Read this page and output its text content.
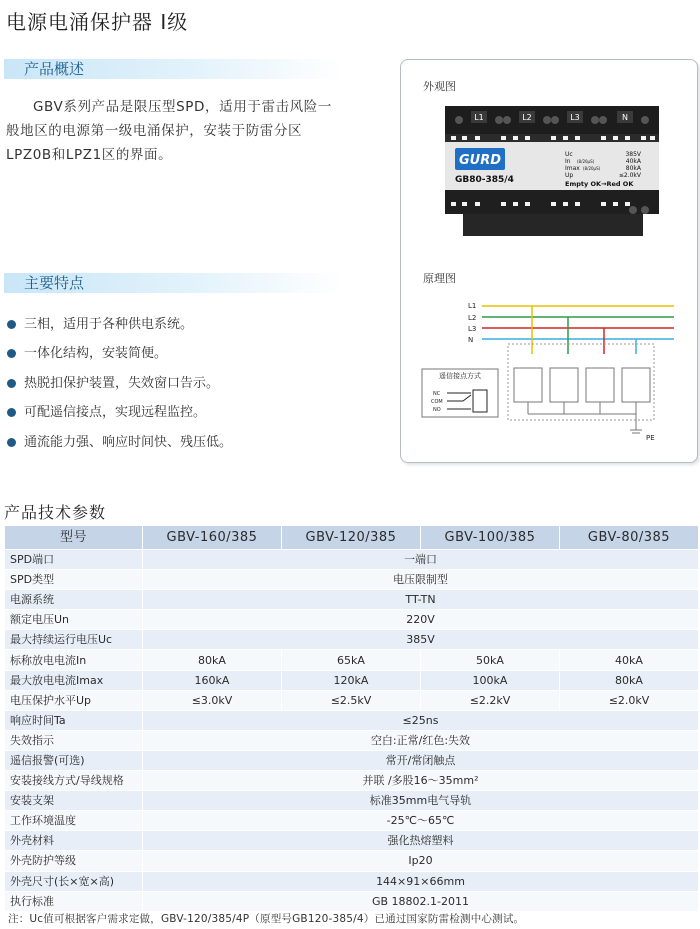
电源电涌保护器 I级
产品概述

GBV系列产品是限压型SPD，适用于雷击风险一

般地区的电源第一级电涌保护，安装于防雷分区
LPZ0B和LPZ1区的界面。
主要特点
三相，适用于各种供电系统。
一体化结构，安装简便。
热脱扣保护装置，失效窗口告示。
可配遥信接点，实现远程监控。
通流能力强、响应时间快、残压低。
外观图
L1	L2	L3	N
GURD
GB80-385/4
Uc
In
Imax
Up
(8/20μS)
(8/20μS)
385V
40kA
80kA
≤2.0kV
Empty OK→Red OK
原理图
L1
L2
L3
N
PE
遥信接点方式
NC
COM
NO
产品技术参数
型号	GBV-160/385	GBV-120/385	GBV-100/385	GBV-80/385
SPD端口	一端口			
SPD类型	电压限制型			
电源系统	TT-TN			
额定电压Un	220V			
最大持续运行电压Uc	385V			
标称放电电流In	80kA	65kA	50kA	40kA
最大放电电流Imax	160kA	120kA	100kA	80kA
电压保护水平Up	≤3.0kV	≤2.5kV	≤2.2kV	≤2.0kV
响应时间Ta	≤25ns			
失效指示	空白:正常/红色:失效			
遥信报警(可选)	常开/常闭触点			
安装接线方式/导线规格	并联 /多股16～35mm²			
安装支架	标准35mm电气导轨			
工作环境温度	-25℃～65℃			
外壳材料	强化热熔塑料			
外壳防护等级	Ip20			
外壳尺寸(长×宽×高)	144×91×66mm			
执行标准	GB 18802.1-2011			
注：Uc值可根据客户需求定做，GBV-120/385/4P（原型号GB120-385/4）已通过国家防雷检测中心测试。
